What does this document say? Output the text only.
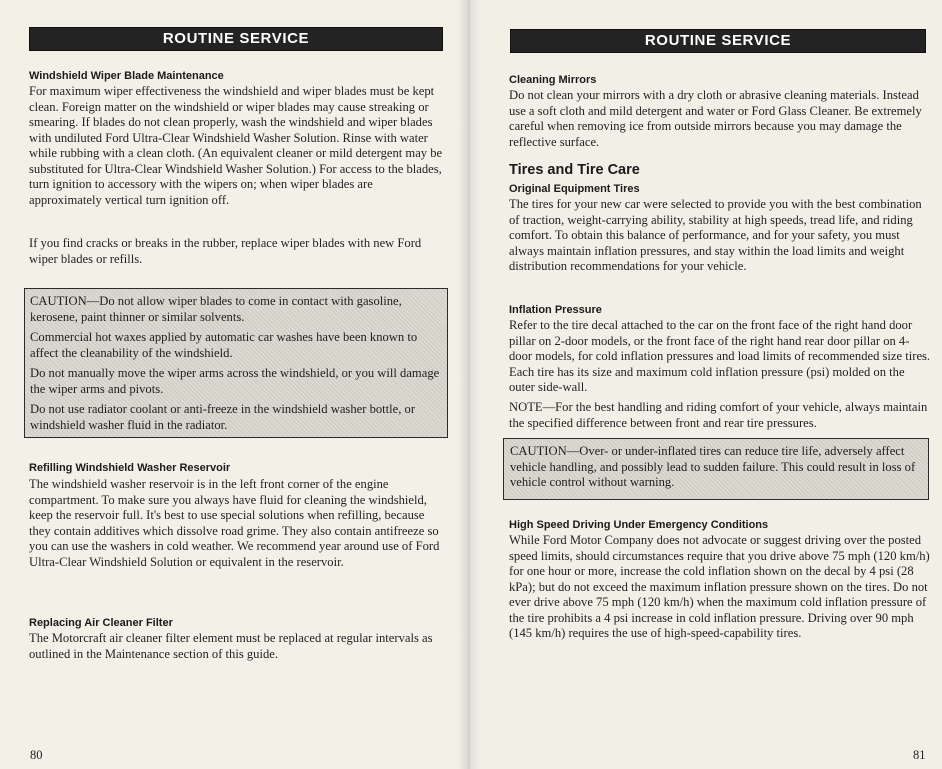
ROUTINE SERVICE
Windshield Wiper Blade Maintenance

For maximum wiper effectiveness the windshield and wiper blades must be kept clean. Foreign matter on the windshield or wiper blades may cause streaking or smearing. If blades do not clean properly, wash the windshield and wiper blades with undiluted Ford Ultra-Clear Windshield Washer Solution. Rinse with water while rubbing with a clean cloth. (An equivalent cleaner or mild detergent may be substituted for Ultra-Clear Windshield Washer Solution.) For access to the blades, turn ignition to accessory with the wipers on; when wiper blades are approximately vertical turn ignition off.

If you find cracks or breaks in the rubber, replace wiper blades with new Ford wiper blades or refills.

CAUTION—Do not allow wiper blades to come in contact with gasoline, kerosene, paint thinner or similar solvents.

Commercial hot waxes applied by automatic car washes have been known to affect the cleanability of the windshield.

Do not manually move the wiper arms across the windshield, or you will damage the wiper arms and pivots.

Do not use radiator coolant or anti-freeze in the windshield washer bottle, or windshield washer fluid in the radiator.

Refilling Windshield Washer Reservoir

The windshield washer reservoir is in the left front corner of the engine compartment. To make sure you always have fluid for cleaning the windshield, keep the reservoir full. It's best to use special solutions when refilling, because they contain additives which dissolve road grime. They also contain antifreeze so you can use the washers in cold weather. We recommend year around use of Ford Ultra-Clear Windshield Solution or equivalent in the reservoir.

Replacing Air Cleaner Filter

The Motorcraft air cleaner filter element must be replaced at regular intervals as outlined in the Maintenance section of this guide.

80
ROUTINE SERVICE
Cleaning Mirrors

Do not clean your mirrors with a dry cloth or abrasive cleaning materials. Instead use a soft cloth and mild detergent and water or Ford Glass Cleaner. Be extremely careful when removing ice from outside mirrors because you may damage the reflective surface.

Tires and Tire Care
Original Equipment Tires

The tires for your new car were selected to provide you with the best combination of traction, weight-carrying ability, stability at high speeds, tread life, and riding comfort. To obtain this balance of performance, and for your safety, you must always maintain inflation pressures, and stay within the load limits and weight distribution recommendations for your vehicle.

Inflation Pressure

Refer to the tire decal attached to the car on the front face of the right hand door pillar on 2-door models, or the front face of the right hand rear door pillar on 4-door models, for cold inflation pressures and load limits of recommended size tires. Each tire has its size and maximum cold inflation pressure (psi) molded on the outer side-wall.

NOTE—For the best handling and riding comfort of your vehicle, always maintain the specified difference between front and rear tire pressures.

CAUTION—Over- or under-inflated tires can reduce tire life, adversely affect vehicle handling, and possibly lead to sudden failure. This could result in loss of vehicle control without warning.

High Speed Driving Under Emergency Conditions

While Ford Motor Company does not advocate or suggest driving over the posted speed limits, should circumstances require that you drive above 75 mph (120 km/h) for one hour or more, increase the cold inflation shown on the decal by 4 psi (28 kPa); but do not exceed the maximum inflation pressure shown on the tires. Do not ever drive above 75 mph (120 km/h) when the maximum cold inflation pressure of the tire prohibits a 4 psi increase in cold inflation pressure. Driving over 90 mph (145 km/h) requires the use of high-speed-capability tires.

81
